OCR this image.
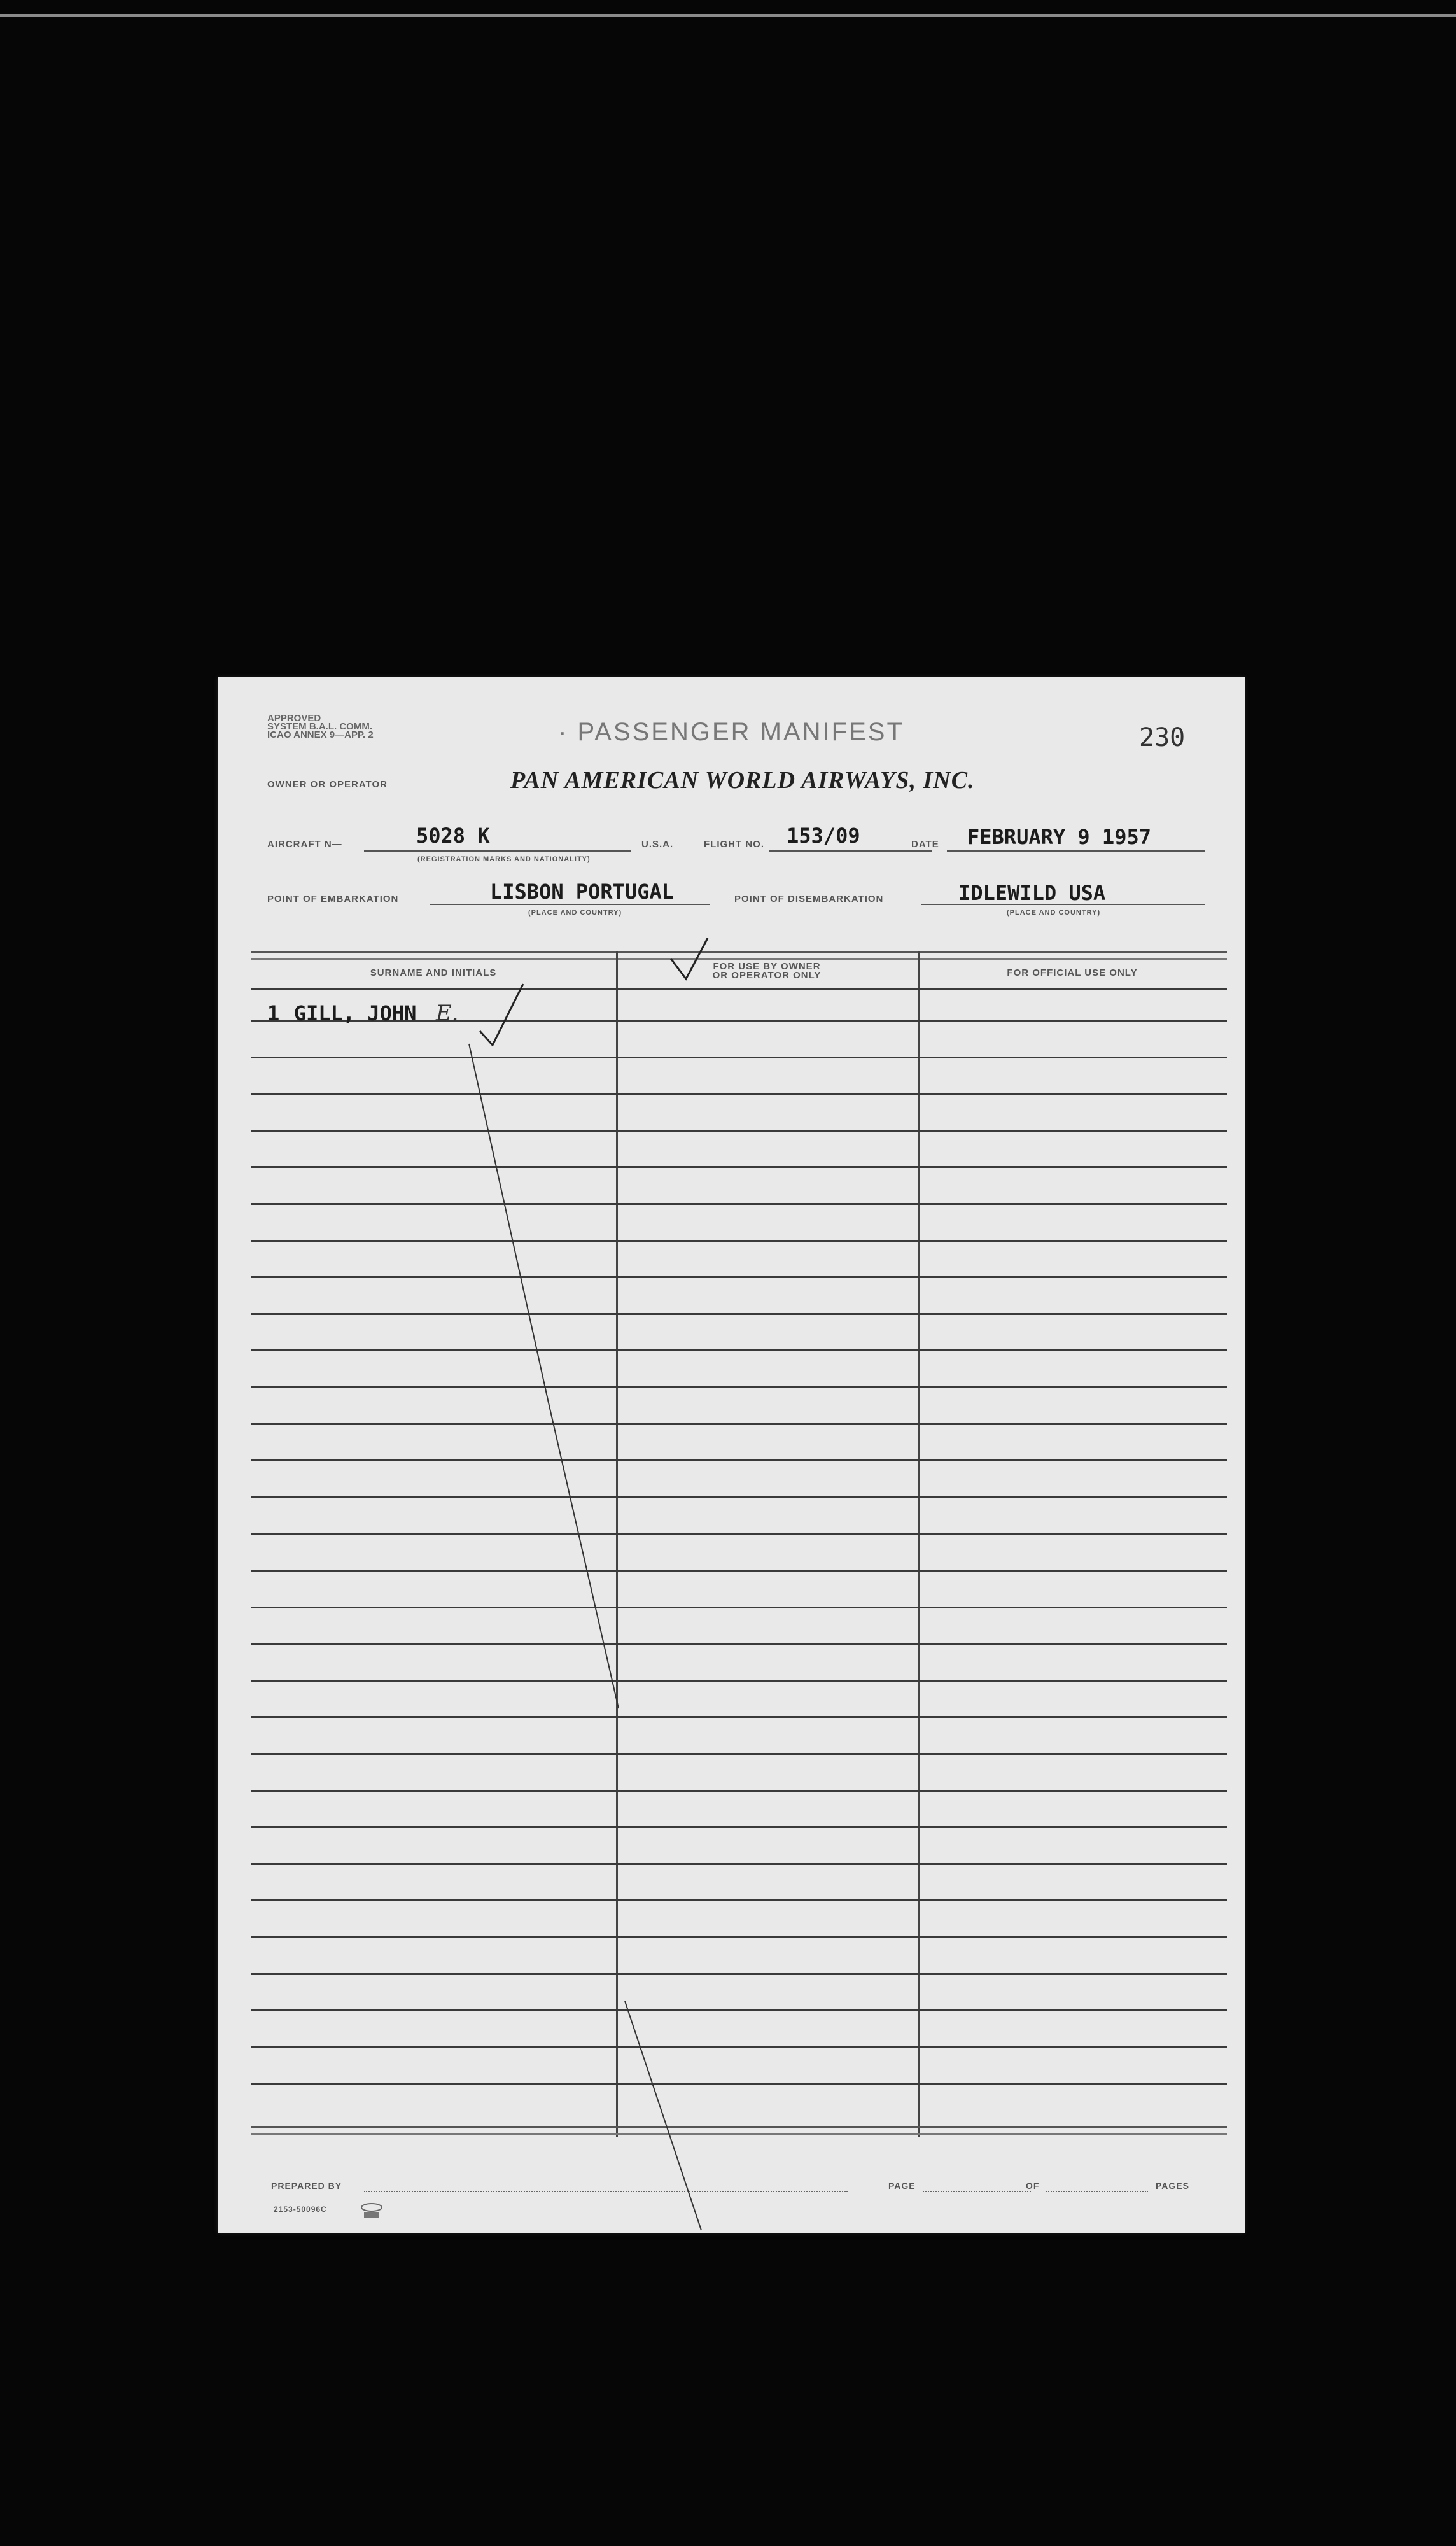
APPROVED
SYSTEM B.A.L. COMM.
ICAO ANNEX 9—APP. 2	· PASSENGER MANIFEST	230
OWNER OR OPERATOR	PAN AMERICAN WORLD AIRWAYS, INC.
AIRCRAFT N—	5028 K
(REGISTRATION MARKS AND NATIONALITY)
U.S.A.	FLIGHT NO. 153/09	DATE FEBRUARY 9 1957
POINT OF EMBARKATION	LISBON PORTUGAL
(PLACE AND COUNTRY)
POINT OF DISEMBARKATION	IDLEWILD USA
(PLACE AND COUNTRY)
SURNAME AND INITIALS
FOR USE BY OWNER
OR OPERATOR ONLY	FOR OFFICIAL USE ONLY
1 GILL, JOHN E.
PREPARED BY	PAGE	OF	PAGES
2153-50096C
